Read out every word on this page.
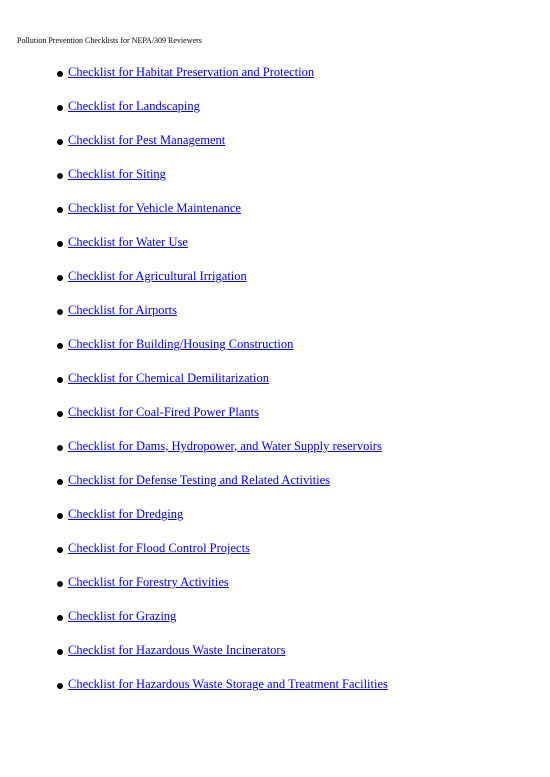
Pollution Prevention Checklists for NEPA/309 Reviewers
Checklist for Habitat Preservation and Protection
Checklist for Landscaping
Checklist for Pest Management
Checklist for Siting
Checklist for Vehicle Maintenance
Checklist for Water Use
Checklist for Agricultural Irrigation
Checklist for Airports
Checklist for Building/Housing Construction
Checklist for Chemical Demilitarization
Checklist for Coal-Fired Power Plants
Checklist for Dams, Hydropower, and Water Supply reservoirs
Checklist for Defense Testing and Related Activities
Checklist for Dredging
Checklist for Flood Control Projects
Checklist for Forestry Activities
Checklist for Grazing
Checklist for Hazardous Waste Incinerators
Checklist for Hazardous Waste Storage and Treatment Facilities
